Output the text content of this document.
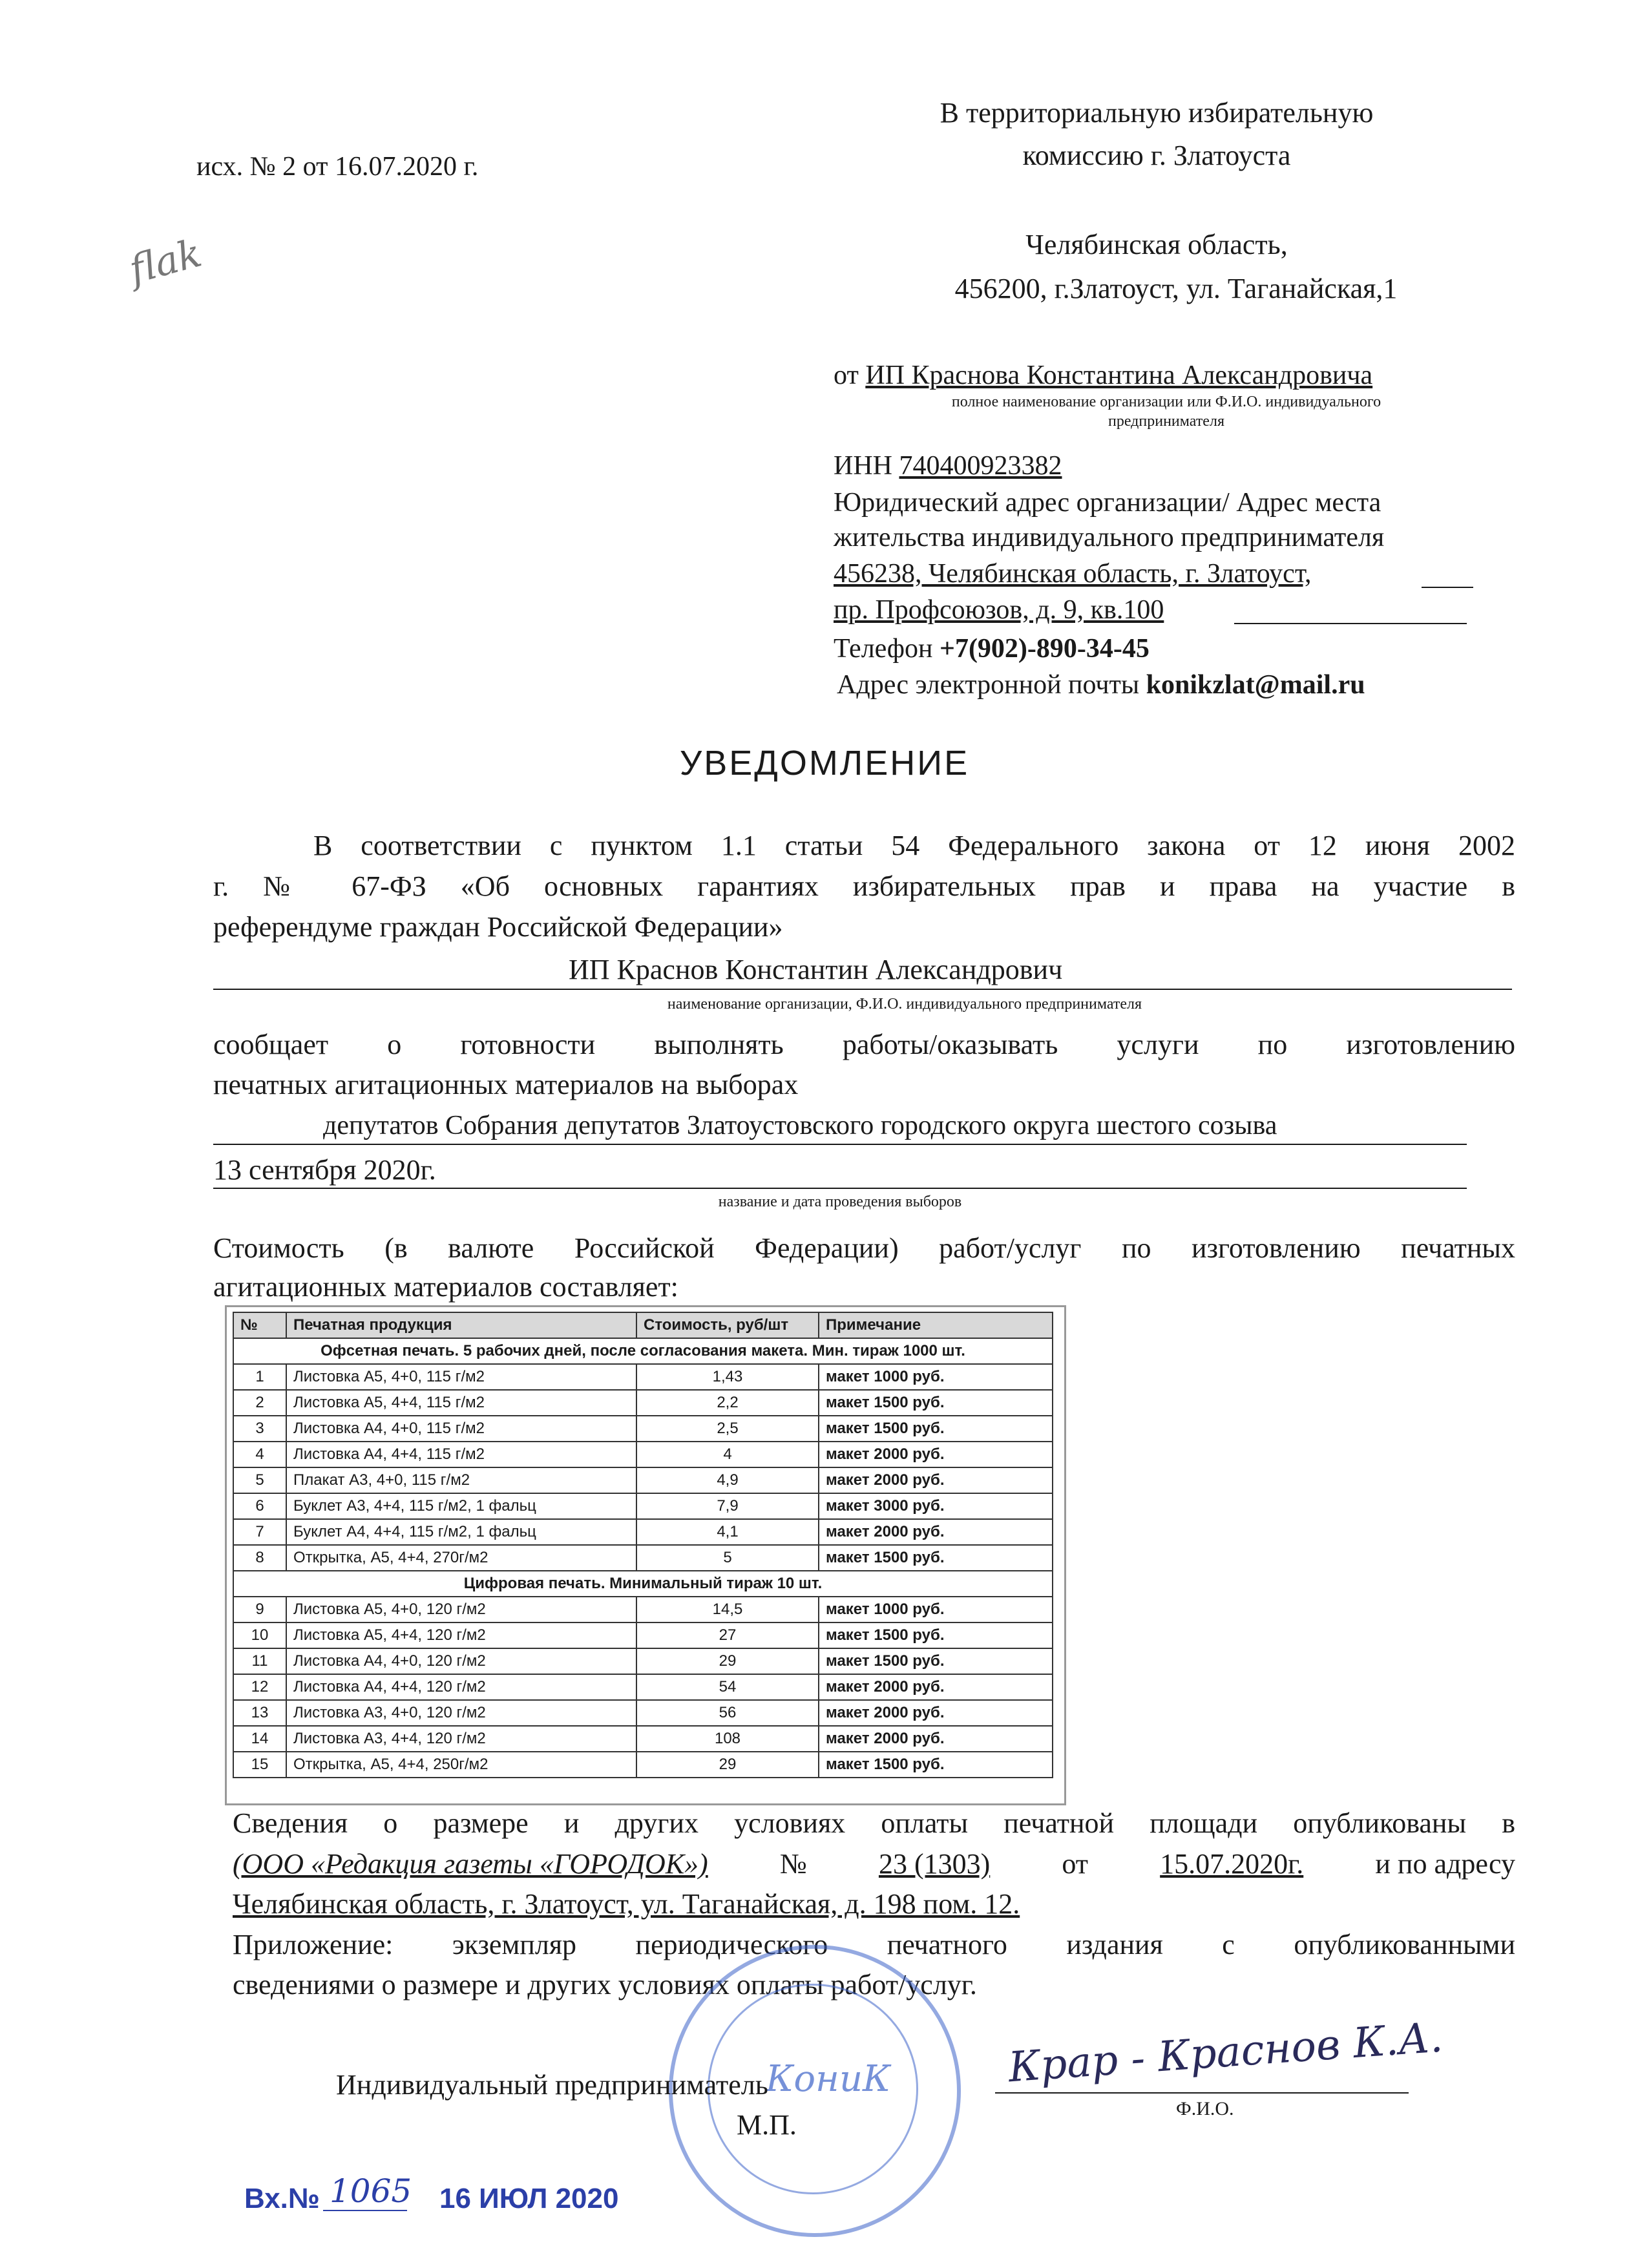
исх. № 2 от 16.07.2020 г.
flak
В территориальную избирательную
комиссию г. Златоуста
Челябинская область,
456200, г.Златоуст, ул. Таганайская,1
от ИП Краснова Константина Александровича
полное наименование организации или Ф.И.О. индивидуального
предпринимателя
ИНН 740400923382
Юридический адрес организации/ Адрес места
жительства индивидуального предпринимателя
456238, Челябинская область, г. Златоуст,
пр. Профсоюзов, д. 9, кв.100
Телефон +7(902)-890-34-45
Адрес электронной почты konikzlat@mail.ru
УВЕДОМЛЕНИЕ
В соответствии с пунктом 1.1 статьи 54 Федерального закона от 12 июня 2002
г. № 67-ФЗ «Об основных гарантиях избирательных прав и права на участие в
референдуме граждан Российской Федерации»
ИП Краснов Константин Александрович
наименование организации, Ф.И.О. индивидуального предпринимателя
сообщает о готовности выполнять работы/оказывать услуги по изготовлению
печатных агитационных материалов на выборах
депутатов Собрания депутатов Златоустовского городского округа шестого созыва
13 сентября 2020г.
название и дата проведения выборов
Стоимость (в валюте Российской Федерации) работ/услуг по изготовлению печатных
агитационных материалов составляет:
№	Печатная продукция	Стоимость, руб/шт	Примечание
Офсетная печать. 5 рабочих дней, после согласования макета. Мин. тираж 1000 шт.			
1	Листовка А5, 4+0, 115 г/м2	1,43	макет 1000 руб.
2	Листовка А5, 4+4, 115 г/м2	2,2	макет 1500 руб.
3	Листовка А4, 4+0, 115 г/м2	2,5	макет 1500 руб.
4	Листовка А4, 4+4, 115 г/м2	4	макет 2000 руб.
5	Плакат А3, 4+0, 115 г/м2	4,9	макет 2000 руб.
6	Буклет А3, 4+4, 115 г/м2, 1 фальц	7,9	макет 3000 руб.
7	Буклет А4, 4+4, 115 г/м2, 1 фальц	4,1	макет 2000 руб.
8	Открытка, А5, 4+4, 270г/м2	5	макет 1500 руб.
Цифровая печать. Минимальный тираж 10 шт.			
9	Листовка А5, 4+0, 120 г/м2	14,5	макет 1000 руб.
10	Листовка А5, 4+4, 120 г/м2	27	макет 1500 руб.
11	Листовка А4, 4+0, 120 г/м2	29	макет 1500 руб.
12	Листовка А4, 4+4, 120 г/м2	54	макет 2000 руб.
13	Листовка А3, 4+0, 120 г/м2	56	макет 2000 руб.
14	Листовка А3, 4+4, 120 г/м2	108	макет 2000 руб.
15	Открытка, А5, 4+4, 250г/м2	29	макет 1500 руб.
Сведения о размере и других условиях оплаты печатной площади опубликованы в
(ООО «Редакция газеты «ГОРОДОК»)	№	23 (1303)	от	15.07.2020г.	и по адресу
Челябинская область, г. Златоуст, ул. Таганайская, д. 198 пом. 12.
Приложение: экземпляр периодического печатного издания с опубликованными
сведениями о размере и других условиях оплаты работ/услуг.
КониК
Индивидуальный предприниматель
М.П.
Крaр - Краснов К.А.
Ф.И.О.
Вх.№ 1065 16 ИЮЛ 2020
